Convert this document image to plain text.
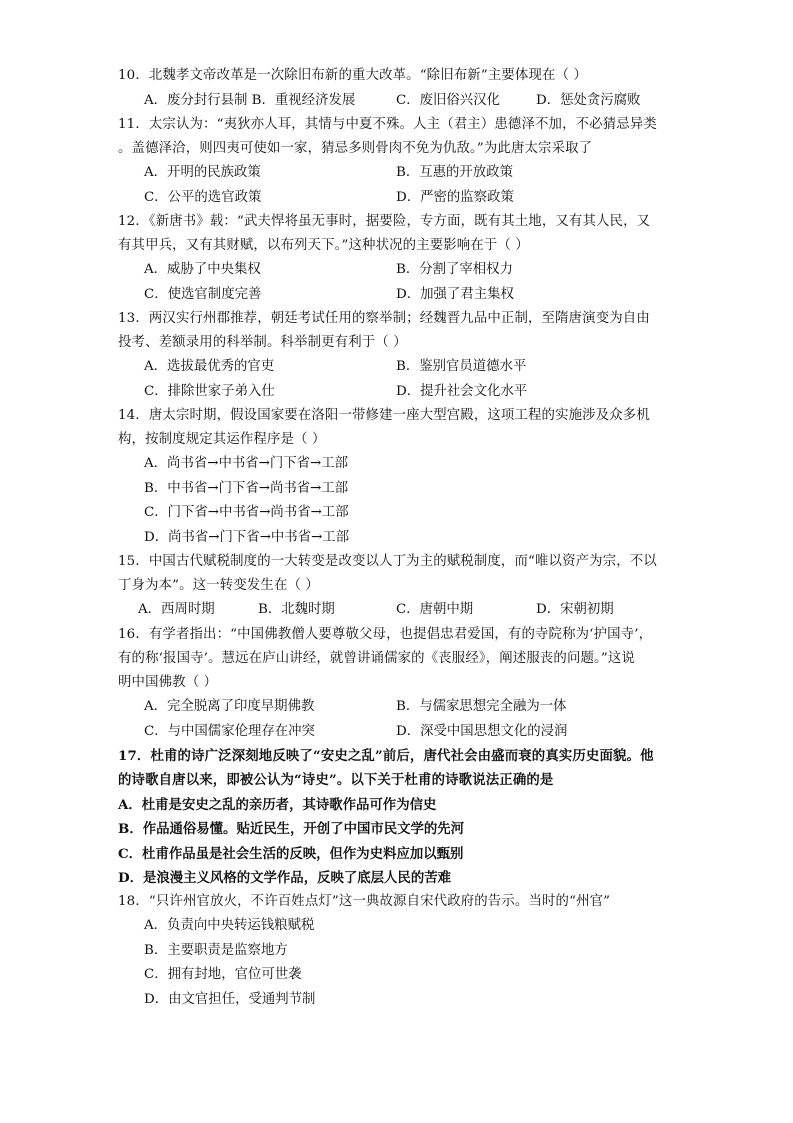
10．北魏孝文帝改革是一次除旧布新的重大改革。“除旧布新”主要体现在（ ）
A．废分封行县制 B．重视经济发展	C．废旧俗兴汉化	D．惩处贪污腐败
11．太宗认为：“夷狄亦人耳，其情与中夏不殊。人主（君主）患德泽不加，不必猜忌异类
。盖德泽洽，则四夷可使如一家，猜忌多则骨肉不免为仇敌。”为此唐太宗采取了
A．开明的民族政策	B．互惠的开放政策
C．公平的选官政策	D．严密的监察政策
12．《新唐书》载：“武夫悍将虽无事时，据要险，专方面，既有其土地，又有其人民，又
有其甲兵，又有其财赋，以布列天下。”这种状况的主要影响在于（ ）
A．威胁了中央集权	B．分割了宰相权力
C．使选官制度完善	D．加强了君主集权
13．两汉实行州郡推荐，朝廷考试任用的察举制；经魏晋九品中正制，至隋唐演变为自由
投考、差额录用的科举制。科举制更有利于（ ）
A．选拔最优秀的官吏	B．鉴别官员道德水平
C．排除世家子弟入仕	D．提升社会文化水平
14．唐太宗时期，假设国家要在洛阳一带修建一座大型宫殿，这项工程的实施涉及众多机
构，按制度规定其运作程序是（ ）
A．尚书省→中书省→门下省→工部
B．中书省→门下省→尚书省→工部
C．门下省→中书省→尚书省→工部
D．尚书省→门下省→中书省→工部
15．中国古代赋税制度的一大转变是改变以人丁为主的赋税制度，而“唯以资产为宗，不以
丁身为本”。这一转变发生在（ ）
A．西周时期	B．北魏时期	C．唐朝中期	D．宋朝初期
16．有学者指出：“中国佛教僧人要尊敬父母，也提倡忠君爱国，有的寺院称为‘护国寺’，
有的称‘报国寺’。慧远在庐山讲经，就曾讲诵儒家的《丧服经》，阐述服丧的问题。”这说
明中国佛教（ ）
A．完全脱离了印度早期佛教	B．与儒家思想完全融为一体
C．与中国儒家伦理存在冲突	D．深受中国思想文化的浸润
17．杜甫的诗广泛深刻地反映了“安史之乱”前后，唐代社会由盛而衰的真实历史面貌。他
的诗歌自唐以来，即被公认为“诗史”。以下关于杜甫的诗歌说法正确的是
A．杜甫是安史之乱的亲历者，其诗歌作品可作为信史
B．作品通俗易懂。贴近民生，开创了中国市民文学的先河
C．杜甫作品虽是社会生活的反映，但作为史料应加以甄别
D．是浪漫主义风格的文学作品，反映了底层人民的苦难
18．“只许州官放火，不许百姓点灯”这一典故源自宋代政府的告示。当时的“州官”
A．负责向中央转运钱粮赋税
B．主要职责是监察地方
C．拥有封地，官位可世袭
D．由文官担任，受通判节制
